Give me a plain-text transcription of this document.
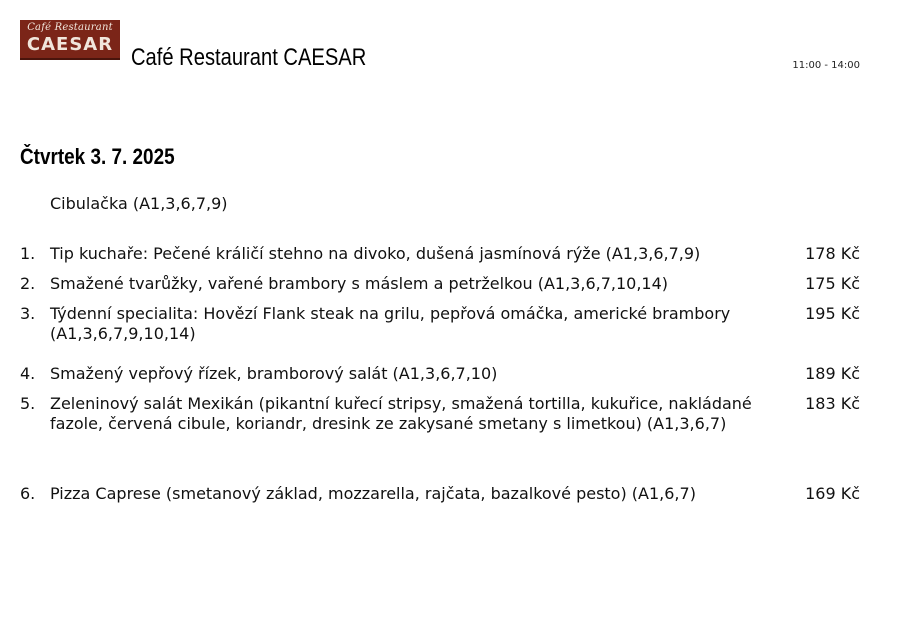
Café Restaurant
CAESAR Café Restaurant CAESAR	11:00 - 14:00
Čtvrtek 3. 7. 2025
Cibulačka (A1,3,6,7,9)
1. Tip kuchaře: Pečené králičí stehno na divoko, dušená jasmínová rýže (A1,3,6,7,9)	178 Kč
2. Smažené tvarůžky, vařené brambory s máslem a petrželkou (A1,3,6,7,10,14)	175 Kč
3. Týdenní specialita: Hovězí Flank steak na grilu, pepřová omáčka, americké brambory (A1,3,6,7,9,10,14)
195 Kč
4. Smažený vepřový řízek, bramborový salát (A1,3,6,7,10)	189 Kč
5. Zeleninový salát Mexikán (pikantní kuřecí stripsy, smažená tortilla, kukuřice, nakládané fazole, červená cibule, koriandr, dresink ze zakysané smetany s limetkou) (A1,3,6,7)
183 Kč
6. Pizza Caprese (smetanový základ, mozzarella, rajčata, bazalkové pesto) (A1,6,7)	169 Kč
